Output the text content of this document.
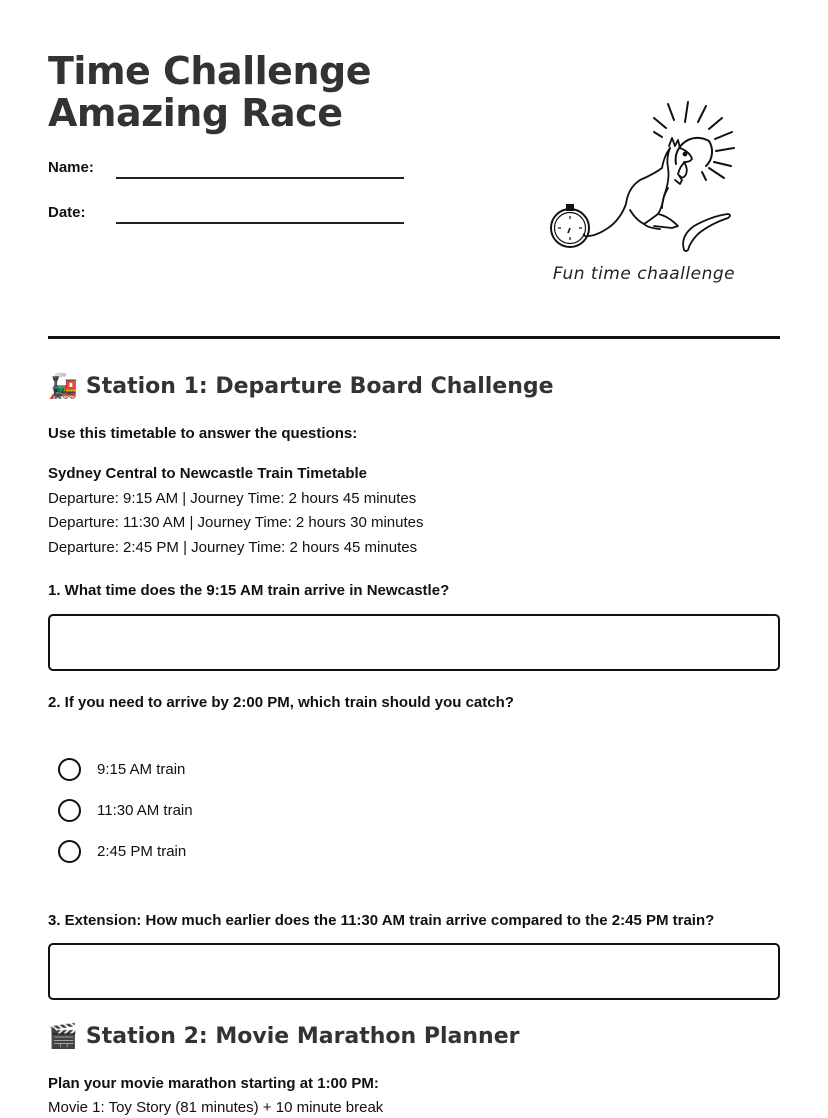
Time Challenge
Amazing Race
Name:
Date:
Fun time chaallenge
🚂 Station 1: Departure Board Challenge
Use this timetable to answer the questions:
Sydney Central to Newcastle Train Timetable
Departure: 9:15 AM | Journey Time: 2 hours 45 minutes
Departure: 11:30 AM | Journey Time: 2 hours 30 minutes
Departure: 2:45 PM | Journey Time: 2 hours 45 minutes
1. What time does the 9:15 AM train arrive in Newcastle?
2. If you need to arrive by 2:00 PM, which train should you catch?
9:15 AM train
11:30 AM train
2:45 PM train
3. Extension: How much earlier does the 11:30 AM train arrive compared to the 2:45 PM train?
🎬 Station 2: Movie Marathon Planner
Plan your movie marathon starting at 1:00 PM:
Movie 1: Toy Story (81 minutes) + 10 minute break
